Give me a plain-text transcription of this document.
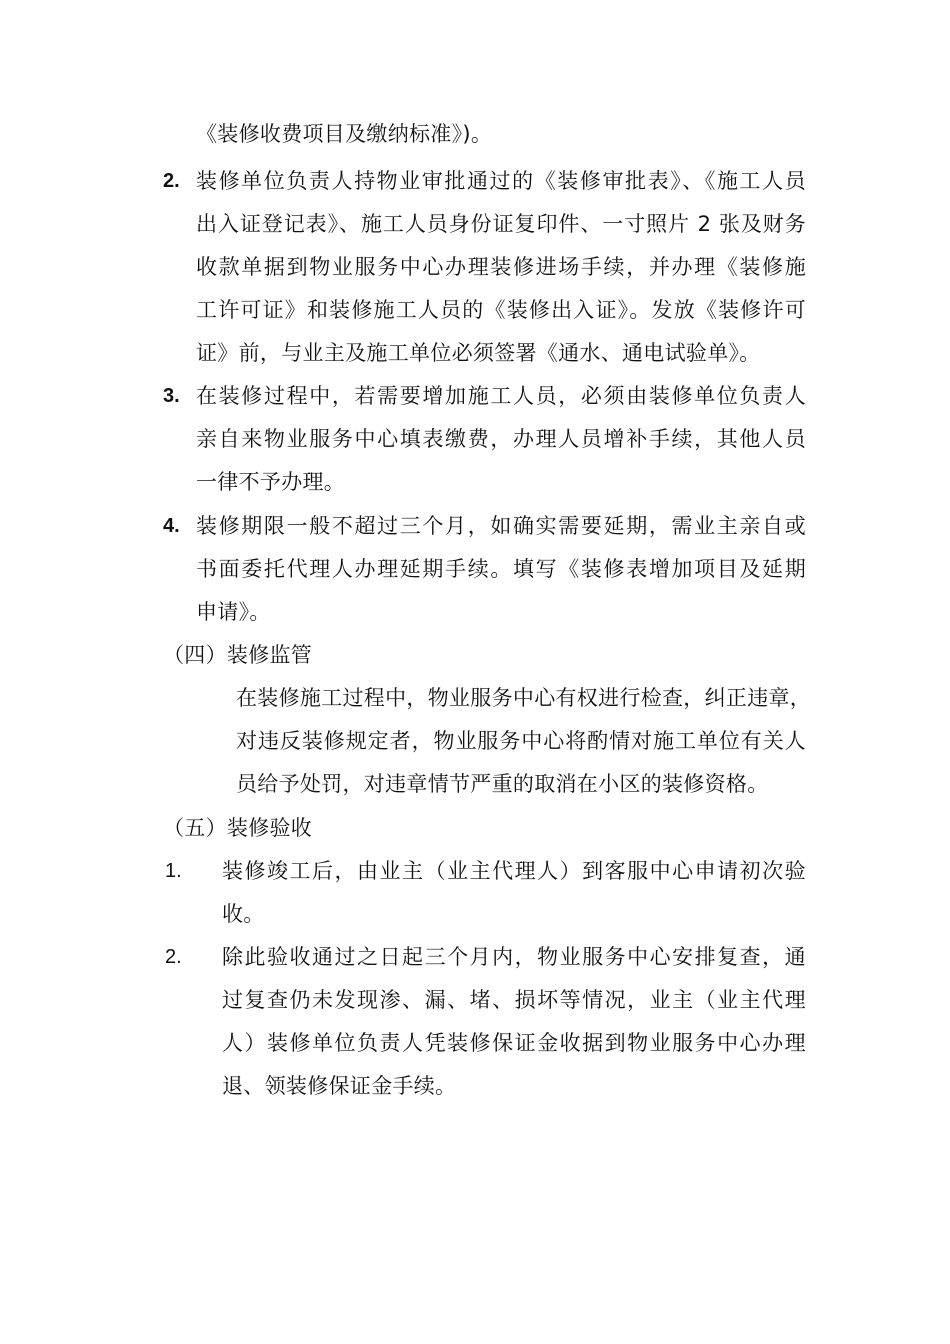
《装修收费项目及缴纳标准》)。
2. 装修单位负责人持物业审批通过的《装修审批表》、《施工人员
出入证登记表》、施工人员身份证复印件、一寸照片 2 张及财务
收款单据到物业服务中心办理装修进场手续，并办理《装修施
工许可证》和装修施工人员的《装修出入证》。发放《装修许可
证》前，与业主及施工单位必须签署《通水、通电试验单》。
3. 在装修过程中，若需要增加施工人员，必须由装修单位负责人
亲自来物业服务中心填表缴费，办理人员增补手续，其他人员
一律不予办理。
4. 装修期限一般不超过三个月，如确实需要延期，需业主亲自或
书面委托代理人办理延期手续。填写《装修表增加项目及延期
申请》。
（四）装修监管
在装修施工过程中，物业服务中心有权进行检查，纠正违章，
对违反装修规定者，物业服务中心将酌情对施工单位有关人
员给予处罚，对违章情节严重的取消在小区的装修资格。
（五）装修验收
1. 装修竣工后，由业主（业主代理人）到客服中心申请初次验
收。
2. 除此验收通过之日起三个月内，物业服务中心安排复查，通
过复查仍未发现渗、漏、堵、损坏等情况，业主（业主代理
人）装修单位负责人凭装修保证金收据到物业服务中心办理
退、领装修保证金手续。
